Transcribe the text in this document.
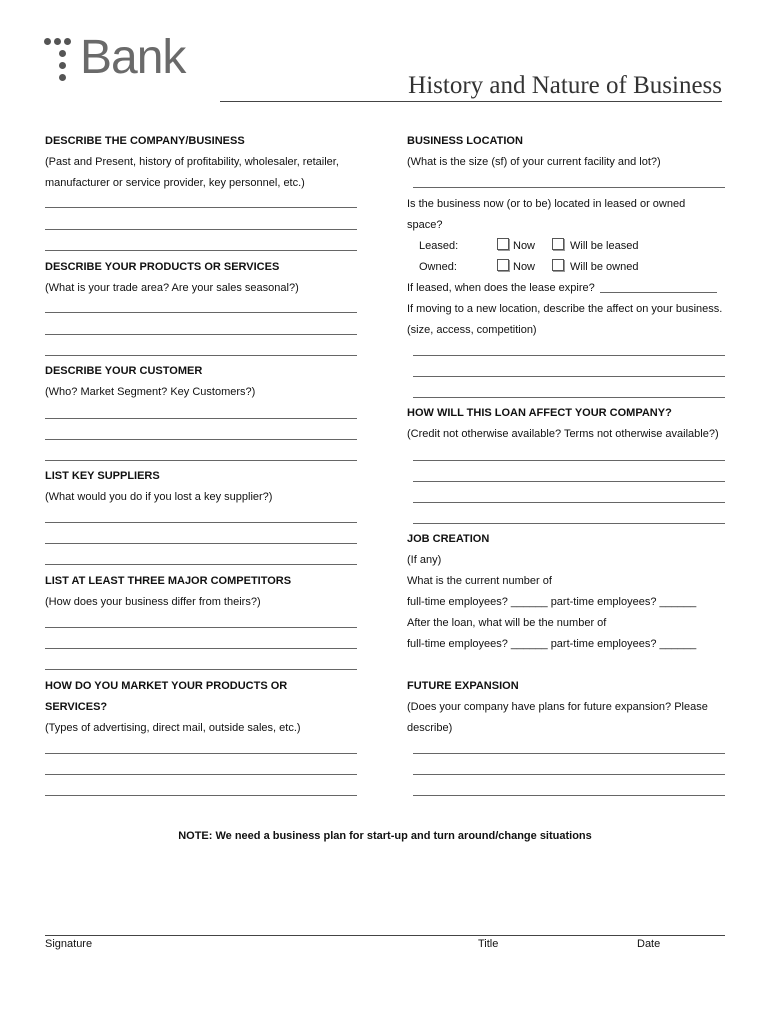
Bank
History and Nature of Business
DESCRIBE THE COMPANY/BUSINESS
(Past and Present, history of profitability, wholesaler, retailer,
manufacturer or service provider, key personnel, etc.)
DESCRIBE YOUR PRODUCTS OR SERVICES
(What is your trade area? Are your sales seasonal?)
DESCRIBE YOUR CUSTOMER
(Who? Market Segment? Key Customers?)
LIST KEY SUPPLIERS
(What would you do if you lost a key supplier?)
LIST AT LEAST THREE MAJOR COMPETITORS
(How does your business differ from theirs?)
HOW DO YOU MARKET YOUR PRODUCTS OR
SERVICES?
(Types of advertising, direct mail, outside sales, etc.)
BUSINESS LOCATION
(What is the size (sf) of your current facility and lot?)
Is the business now (or to be) located in leased or owned
space?
Leased:	Now	Will be leased
Owned:	Now	Will be owned
If leased, when does the lease expire?
If moving to a new location, describe the affect on your business.
(size, access, competition)
HOW WILL THIS LOAN AFFECT YOUR COMPANY?
(Credit not otherwise available? Terms not otherwise available?)
JOB CREATION
(If any)
What is the current number of
full-time employees? ______ part-time employees? ______
After the loan, what will be the number of
full-time employees? ______ part-time employees? ______
FUTURE EXPANSION
(Does your company have plans for future expansion? Please
describe)
NOTE: We need a business plan for start-up and turn around/change situations
Signature	Title	Date
